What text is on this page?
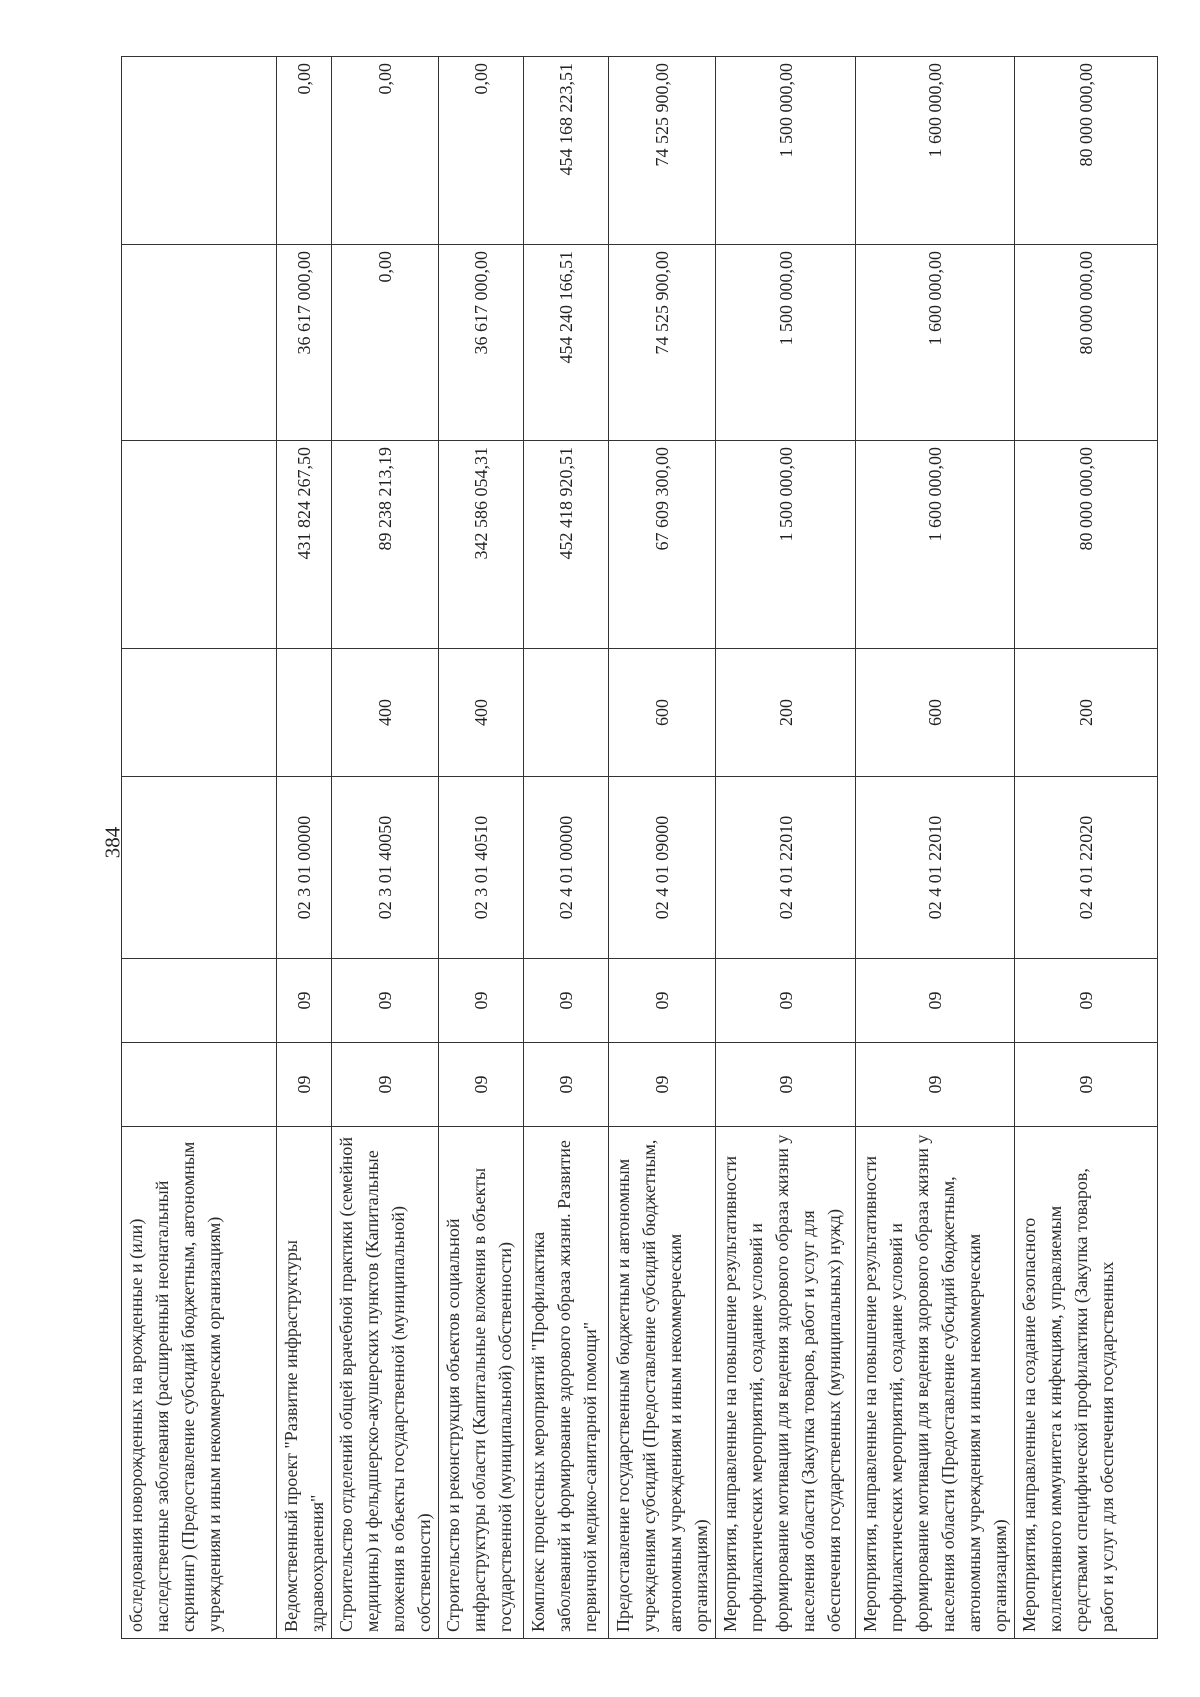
384
обследования новорожденных на врожденные и (или) наследственные заболевания (расширенный неонатальный скрининг) (Предоставление субсидий бюджетным, автономным учреждениям и иным некоммерческим организациям)							
Ведомственный проект "Развитие инфраструктуры здравоохранения"	09	09	02 3 01 00000		431 824 267,50	36 617 000,00	0,00
Строительство отделений общей врачебной практики (семейной медицины) и фельдшерско-акушерских пунктов (Капитальные вложения в объекты государственной (муниципальной) собственности)	09	09	02 3 01 40050	400	89 238 213,19	0,00	0,00
Строительство и реконструкция объектов социальной инфраструктуры области (Капитальные вложения в объекты государственной (муниципальной) собственности)	09	09	02 3 01 40510	400	342 586 054,31	36 617 000,00	0,00
Комплекс процессных мероприятий "Профилактика заболеваний и формирование здорового образа жизни. Развитие первичной медико-санитарной помощи"	09	09	02 4 01 00000		452 418 920,51	454 240 166,51	454 168 223,51
Предоставление государственным бюджетным и автономным учреждениям субсидий (Предоставление субсидий бюджетным, автономным учреждениям и иным некоммерческим организациям)	09	09	02 4 01 09000	600	67 609 300,00	74 525 900,00	74 525 900,00
Мероприятия, направленные на повышение результативности профилактических мероприятий, создание условий и формирование мотивации для ведения здорового образа жизни у населения области (Закупка товаров, работ и услуг для обеспечения государственных (муниципальных) нужд)	09	09	02 4 01 22010	200	1 500 000,00	1 500 000,00	1 500 000,00
Мероприятия, направленные на повышение результативности профилактических мероприятий, создание условий и формирование мотивации для ведения здорового образа жизни у населения области (Предоставление субсидий бюджетным, автономным учреждениям и иным некоммерческим организациям)	09	09	02 4 01 22010	600	1 600 000,00	1 600 000,00	1 600 000,00
Мероприятия, направленные на создание безопасного коллективного иммунитета к инфекциям, управляемым средствами специфической профилактики (Закупка товаров, работ и услуг для обеспечения государственных	09	09	02 4 01 22020	200	80 000 000,00	80 000 000,00	80 000 000,00
